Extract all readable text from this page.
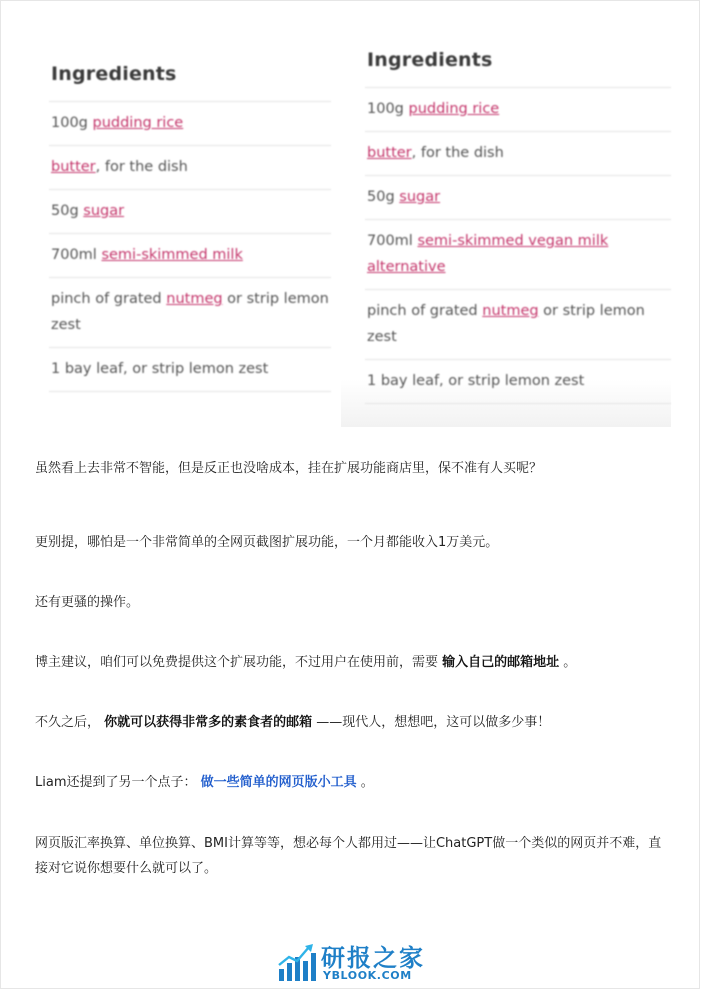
Ingredients
100g pudding rice
butter, for the dish
50g sugar
700ml semi-skimmed milk
pinch of grated nutmeg or strip lemon zest
1 bay leaf, or strip lemon zest
Ingredients
100g pudding rice
butter, for the dish
50g sugar
700ml semi-skimmed vegan milk alternative
pinch of grated nutmeg or strip lemon zest
1 bay leaf, or strip lemon zest

虽然看上去非常不智能，但是反正也没啥成本，挂在扩展功能商店里，保不准有人买呢？

更别提，哪怕是一个非常简单的全网页截图扩展功能，一个月都能收入1万美元。

还有更骚的操作。

博主建议，咱们可以免费提供这个扩展功能，不过用户在使用前，需要 输入自己的邮箱地址 。

不久之后， 你就可以获得非常多的素食者的邮箱 ——现代人，想想吧，这可以做多少事！

Liam还提到了另一个点子： 做一些简单的网页版小工具 。

网页版汇率换算、单位换算、BMI计算等等，想必每个人都用过——让ChatGPT做一个类似的网页并不难，直接对它说你想要什么就可以了。

研报之家
YBLOOK.COM
